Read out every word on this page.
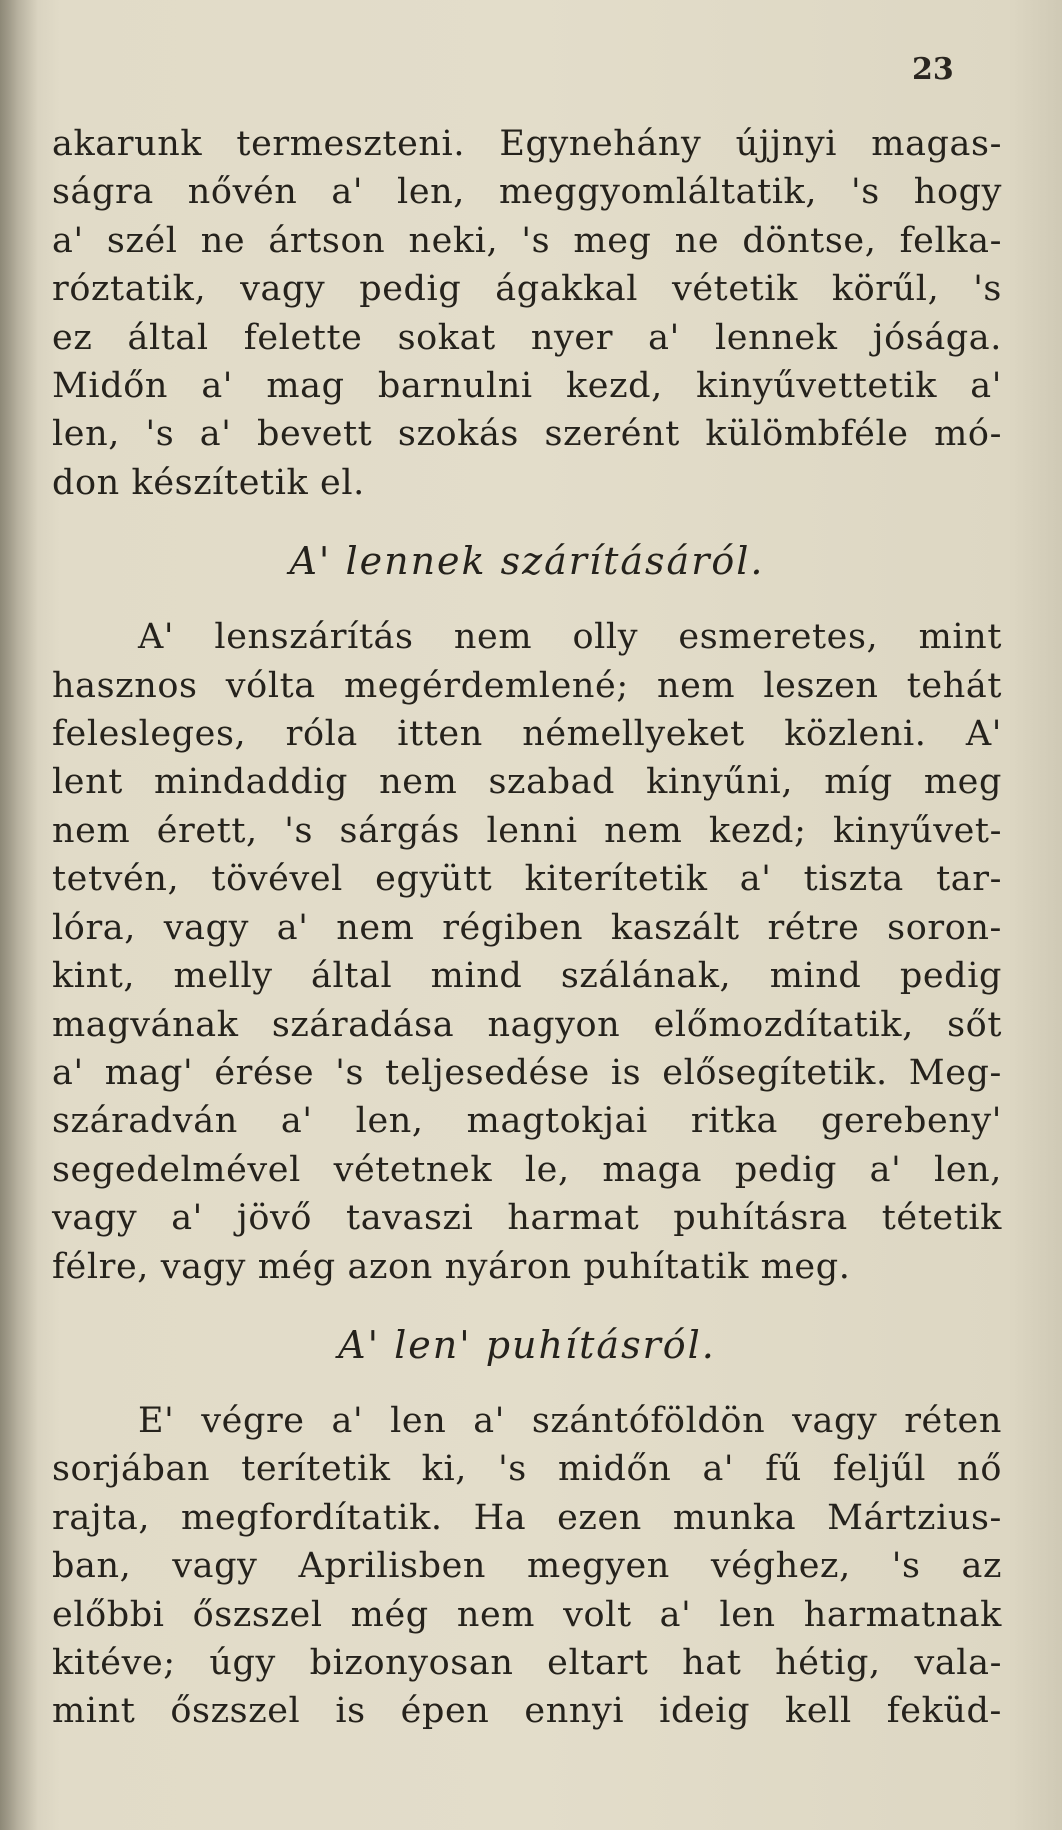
23
akarunk termeszteni. Egynehány újjnyi magas-
ságra nővén a' len, meggyomláltatik, 's hogy
a' szél ne ártson neki, 's meg ne döntse, felka-
róztatik, vagy pedig ágakkal vétetik körűl, 's
ez által felette sokat nyer a' lennek jósága.
Midőn a' mag barnulni kezd, kinyűvettetik a'
len, 's a' bevett szokás szerént külömbféle mó-
don készítetik el.
A' lennek szárításáról.
A' lenszárítás nem olly esmeretes, mint
hasznos vólta megérdemlené; nem leszen tehát
felesleges, róla itten némellyeket közleni. A'
lent mindaddig nem szabad kinyűni, míg meg
nem érett, 's sárgás lenni nem kezd; kinyűvet-
tetvén, tövével együtt kiterítetik a' tiszta tar-
lóra, vagy a' nem régiben kaszált rétre soron-
kint, melly által mind szálának, mind pedig
magvának száradása nagyon előmozdítatik, sőt
a' mag' érése 's teljesedése is elősegítetik. Meg-
száradván a' len, magtokjai ritka gerebeny'
segedelmével vétetnek le, maga pedig a' len,
vagy a' jövő tavaszi harmat puhításra tétetik
félre, vagy még azon nyáron puhítatik meg.
A' len' puhításról.
E' végre a' len a' szántóföldön vagy réten
sorjában terítetik ki, 's midőn a' fű feljűl nő
rajta, megfordítatik. Ha ezen munka Mártzius-
ban, vagy Aprilisben megyen véghez, 's az
előbbi őszszel még nem volt a' len harmatnak
kitéve; úgy bizonyosan eltart hat hétig, vala-
mint őszszel is épen ennyi ideig kell feküd-
